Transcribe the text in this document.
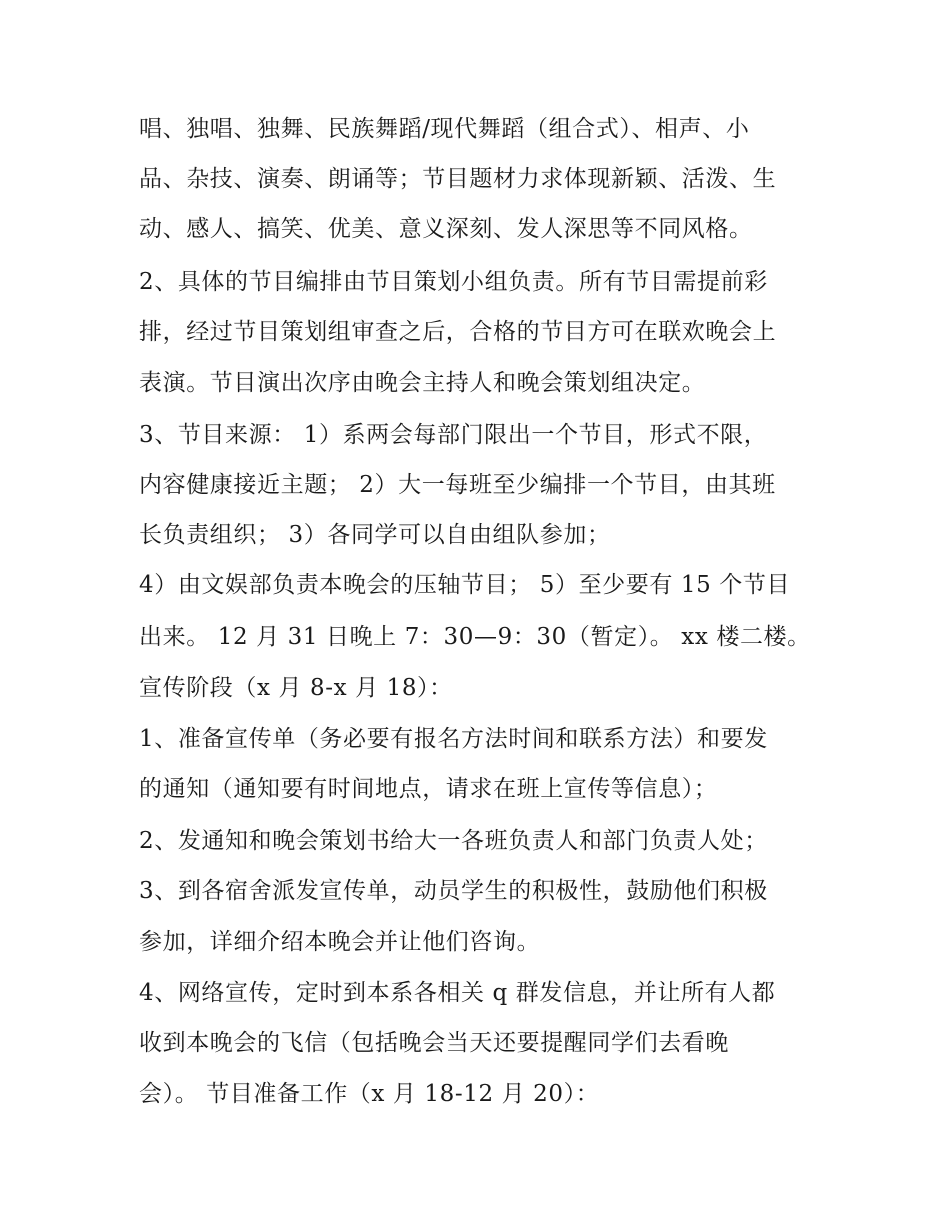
唱、独唱、独舞、民族舞蹈/现代舞蹈（组合式）、相声、小
品、杂技、演奏、朗诵等；节目题材力求体现新颖、活泼、生
动、感人、搞笑、优美、意义深刻、发人深思等不同风格。
2、具体的节目编排由节目策划小组负责。所有节目需提前彩
排，经过节目策划组审查之后，合格的节目方可在联欢晚会上
表演。节目演出次序由晚会主持人和晚会策划组决定。
3、节目来源： 1）系两会每部门限出一个节目，形式不限，
内容健康接近主题； 2）大一每班至少编排一个节目，由其班
长负责组织； 3）各同学可以自由组队参加；
4）由文娱部负责本晚会的压轴节目； 5）至少要有 15 个节目
出来。 12 月 31 日晚上 7：30—9：30（暂定）。 xx 楼二楼。
宣传阶段（x 月 8-x 月 18）：
1、准备宣传单（务必要有报名方法时间和联系方法）和要发
的通知（通知要有时间地点，请求在班上宣传等信息）；
2、发通知和晚会策划书给大一各班负责人和部门负责人处；
3、到各宿舍派发宣传单，动员学生的积极性，鼓励他们积极
参加，详细介绍本晚会并让他们咨询。
4、网络宣传，定时到本系各相关 q 群发信息，并让所有人都
收到本晚会的飞信（包括晚会当天还要提醒同学们去看晚
会）。 节目准备工作（x 月 18-12 月 20）：
